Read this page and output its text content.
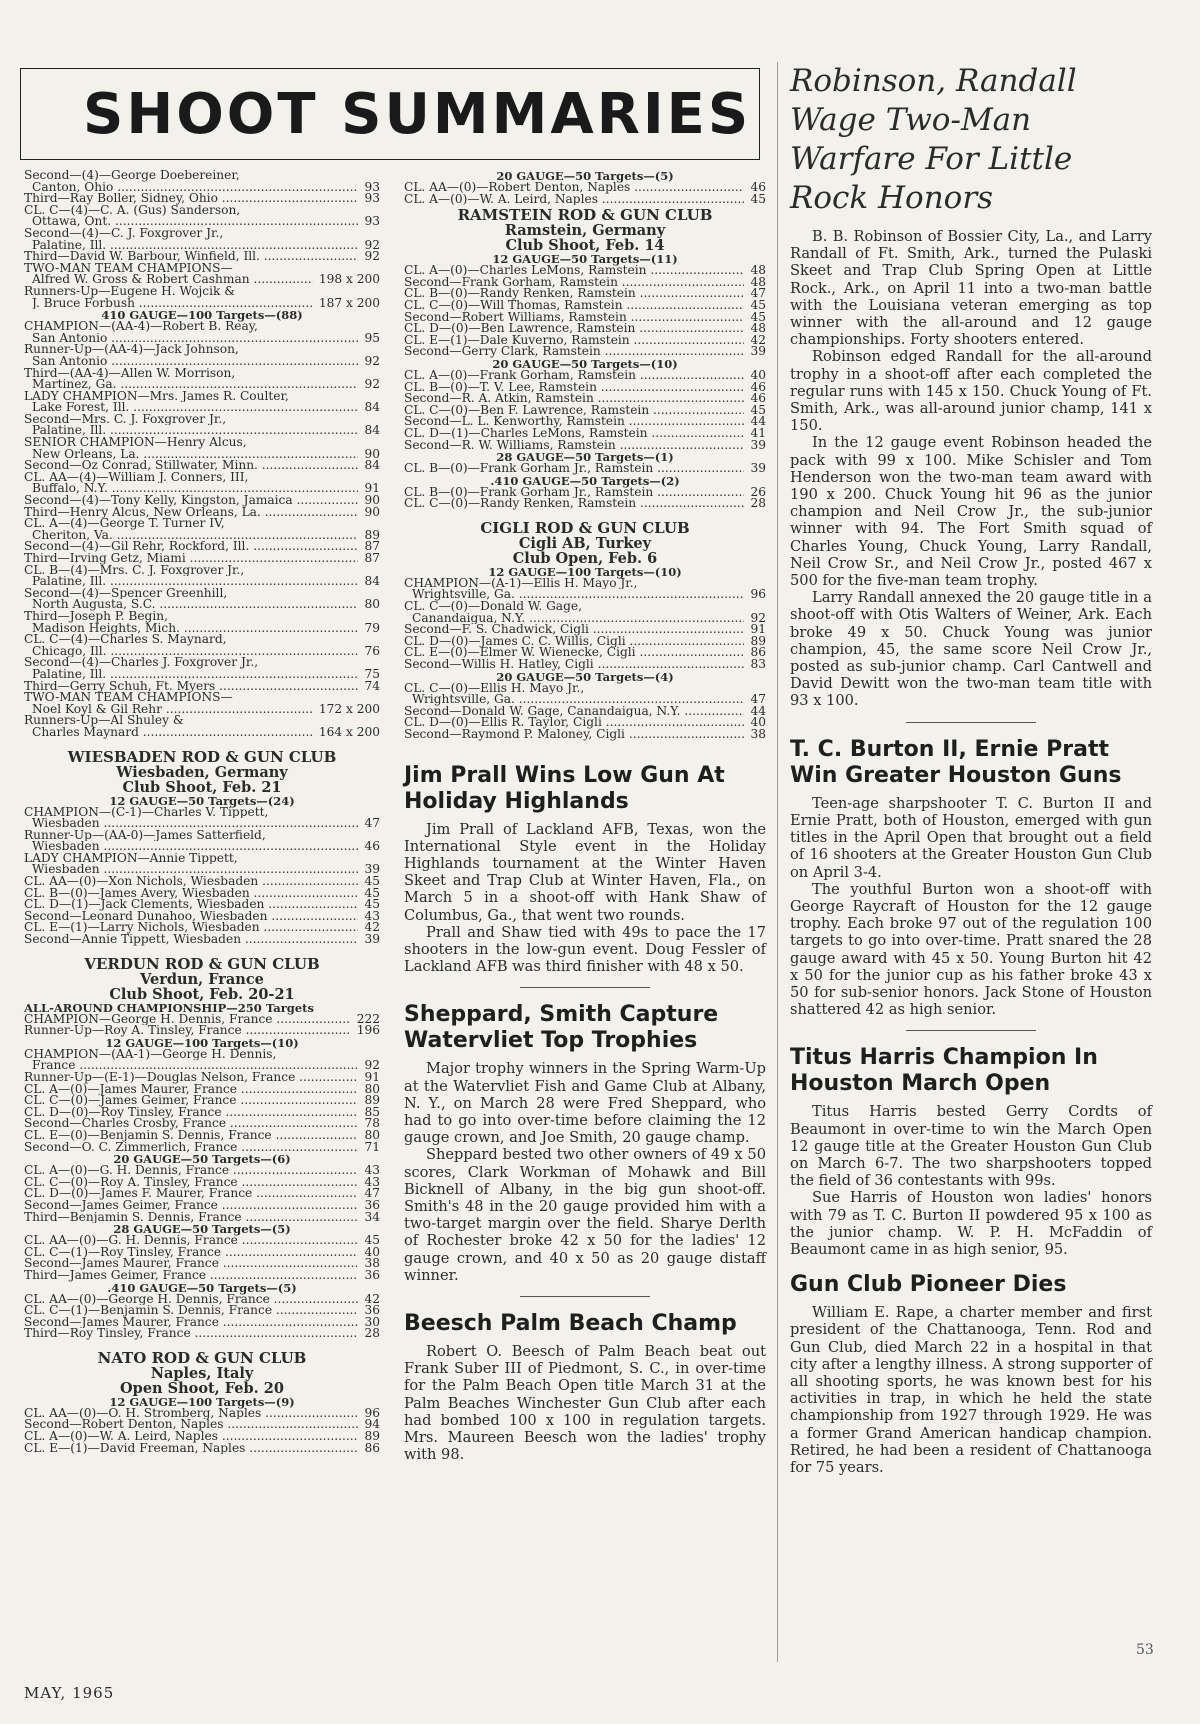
SHOOT SUMMARIES
Second—(4)—George Doebereiner,
Canton, Ohio .....	93
Third—Ray Boller, Sidney, Ohio .....	93
CL. C—(4)—C. A. (Gus) Sanderson,
Ottawa, Ont. .....	93
Second—(4)—C. J. Foxgrover Jr.,
Palatine, Ill. .....	92
Third—David W. Barbour, Winfield, Ill. .....	92
TWO-MAN TEAM CHAMPIONS—
Alfred W. Gross & Robert Cashman .....	198 x 200
Runners-Up—Eugene H. Wojcik &
J. Bruce Forbush .....	187 x 200
410 GAUGE—100 Targets—(88)
CHAMPION—(AA-4)—Robert B. Reay,
San Antonio .....	95
Runner-Up—(AA-4)—Jack Johnson,
San Antonio .....	92
Third—(AA-4)—Allen W. Morrison,
Martinez, Ga. .....	92
LADY CHAMPION—Mrs. James R. Coulter,
Lake Forest, Ill. .....	84
Second—Mrs. C. J. Foxgrover Jr.,
Palatine, Ill. .....	84
SENIOR CHAMPION—Henry Alcus,
New Orleans, La. .....	90
Second—Oz Conrad, Stillwater, Minn. .....	84
CL. AA—(4)—William J. Conners, III,
Buffalo, N.Y. .....	91
Second—(4)—Tony Kelly, Kingston, Jamaica .....	90
Third—Henry Alcus, New Orleans, La. .....	90
CL. A—(4)—George T. Turner IV,
Cheriton, Va. .....	89
Second—(4)—Gil Rehr, Rockford, Ill. .....	87
Third—Irving Getz, Miami .....	87
CL. B—(4)—Mrs. C. J. Foxgrover Jr.,
Palatine, Ill. .....	84
Second—(4)—Spencer Greenhill,
North Augusta, S.C. .....	80
Third—Joseph P. Begin,
Madison Heights, Mich. .....	79
CL. C—(4)—Charles S. Maynard,
Chicago, Ill. .....	76
Second—(4)—Charles J. Foxgrover Jr.,
Palatine, Ill. .....	75
Third—Gerry Schuh, Ft. Myers .....	74
TWO-MAN TEAM CHAMPIONS—
Noel Koyl & Gil Rehr .....	172 x 200
Runners-Up—Al Shuley &
Charles Maynard .....	164 x 200
WIESBADEN ROD & GUN CLUB
Wiesbaden, Germany
Club Shoot, Feb. 21
12 GAUGE—50 Targets—(24)
CHAMPION—(C-1)—Charles V. Tippett,
Wiesbaden .....	47
Runner-Up—(AA-0)—James Satterfield,
Wiesbaden .....	46
LADY CHAMPION—Annie Tippett,
Wiesbaden .....	39
CL. AA—(0)—Xon Nichols, Wiesbaden .....	45
CL. B—(0)—James Avery, Wiesbaden .....	45
CL. D—(1)—Jack Clements, Wiesbaden .....	45
Second—Leonard Dunahoo, Wiesbaden .....	43
CL. E—(1)—Larry Nichols, Wiesbaden .....	42
Second—Annie Tippett, Wiesbaden .....	39
VERDUN ROD & GUN CLUB
Verdun, France
Club Shoot, Feb. 20-21
ALL-AROUND CHAMPIONSHIP—250 Targets
CHAMPION—George H. Dennis, France .....	222
Runner-Up—Roy A. Tinsley, France .....	196
12 GAUGE—100 Targets—(10)
CHAMPION—(AA-1)—George H. Dennis,
France .....	92
Runner-Up—(E-1)—Douglas Nelson, France .....	91
CL. A—(0)—James Maurer, France .....	80
CL. C—(0)—James Geimer, France .....	89
CL. D—(0)—Roy Tinsley, France .....	85
Second—Charles Crosby, France .....	78
CL. E—(0)—Benjamin S. Dennis, France .....	80
Second—O. C. Zimmerlich, France .....	71
20 GAUGE—50 Targets—(6)
CL. A—(0)—G. H. Dennis, France .....	43
CL. C—(0)—Roy A. Tinsley, France .....	43
CL. D—(0)—James F. Maurer, France .....	47
Second—James Geimer, France .....	36
Third—Benjamin S. Dennis, France .....	34
28 GAUGE—50 Targets—(5)
CL. AA—(0)—G. H. Dennis, France .....	45
CL. C—(1)—Roy Tinsley, France .....	40
Second—James Maurer, France .....	38
Third—James Geimer, France .....	36
.410 GAUGE—50 Targets—(5)
CL. AA—(0)—George H. Dennis, France .....	42
CL. C—(1)—Benjamin S. Dennis, France .....	36
Second—James Maurer, France .....	30
Third—Roy Tinsley, France .....	28
NATO ROD & GUN CLUB
Naples, Italy
Open Shoot, Feb. 20
12 GAUGE—100 Targets—(9)
CL. AA—(0)—O. H. Stromberg, Naples .....	96
Second—Robert Denton, Naples .....	94
CL. A—(0)—W. A. Leird, Naples .....	89
CL. E—(1)—David Freeman, Naples .....	86
20 GAUGE—50 Targets—(5)
CL. AA—(0)—Robert Denton, Naples .....	46
CL. A—(0)—W. A. Leird, Naples .....	45
RAMSTEIN ROD & GUN CLUB
Ramstein, Germany
Club Shoot, Feb. 14
12 GAUGE—50 Targets—(11)
CL. A—(0)—Charles LeMons, Ramstein .....	48
Second—Frank Gorham, Ramstein .....	48
CL. B—(0)—Randy Renken, Ramstein .....	47
CL. C—(0)—Will Thomas, Ramstein .....	45
Second—Robert Williams, Ramstein .....	45
CL. D—(0)—Ben Lawrence, Ramstein .....	48
CL. E—(1)—Dale Kuverno, Ramstein .....	42
Second—Gerry Clark, Ramstein .....	39
20 GAUGE—50 Targets—(10)
CL. A—(0)—Frank Gorham, Ramstein .....	40
CL. B—(0)—T. V. Lee, Ramstein .....	46
Second—R. A. Atkin, Ramstein .....	46
CL. C—(0)—Ben F. Lawrence, Ramstein .....	45
Second—L. L. Kenworthy, Ramstein .....	44
CL. D—(1)—Charles LeMons, Ramstein .....	41
Second—R. W. Williams, Ramstein .....	39
28 GAUGE—50 Targets—(1)
CL. B—(0)—Frank Gorham Jr., Ramstein .....	39
.410 GAUGE—50 Targets—(2)
CL. B—(0)—Frank Gorham Jr., Ramstein .....	26
CL. C—(0)—Randy Renken, Ramstein .....	28
CIGLI ROD & GUN CLUB
Cigli AB, Turkey
Club Open, Feb. 6
12 GAUGE—100 Targets—(10)
CHAMPION—(A-1)—Ellis H. Mayo Jr.,
Wrightsville, Ga. .....	96
CL. C—(0)—Donald W. Gage,
Canandaigua, N.Y. .....	92
Second—F. S. Chadwick, Cigli .....	91
CL. D—(0)—James C. C. Willis, Cigli .....	89
CL. E—(0)—Elmer W. Wienecke, Cigli .....	86
Second—Willis H. Hatley, Cigli .....	83
20 GAUGE—50 Targets—(4)
CL. C—(0)—Ellis H. Mayo Jr.,
Wrightsville, Ga. .....	47
Second—Donald W. Gage, Canandaigua, N.Y. .....	44
CL. D—(0)—Ellis R. Taylor, Cigli .....	40
Second—Raymond P. Maloney, Cigli .....	38
Jim Prall Wins Low Gun At Holiday Highlands

Jim Prall of Lackland AFB, Texas, won the International Style event in the Holiday Highlands tournament at the Winter Haven Skeet and Trap Club at Winter Haven, Fla., on March 5 in a shoot-off with Hank Shaw of Columbus, Ga., that went two rounds.

Prall and Shaw tied with 49s to pace the 17 shooters in the low-gun event. Doug Fessler of Lackland AFB was third finisher with 48 x 50.

Sheppard, Smith Capture Watervliet Top Trophies

Major trophy winners in the Spring Warm-Up at the Watervliet Fish and Game Club at Albany, N. Y., on March 28 were Fred Sheppard, who had to go into over-time before claiming the 12 gauge crown, and Joe Smith, 20 gauge champ.

Sheppard bested two other owners of 49 x 50 scores, Clark Workman of Mohawk and Bill Bicknell of Albany, in the big gun shoot-off. Smith's 48 in the 20 gauge provided him with a two-target margin over the field. Sharye Derlth of Rochester broke 42 x 50 for the ladies' 12 gauge crown, and 40 x 50 as 20 gauge distaff winner.

Beesch Palm Beach Champ

Robert O. Beesch of Palm Beach beat out Frank Suber III of Piedmont, S. C., in over-time for the Palm Beach Open title March 31 at the Palm Beaches Winchester Gun Club after each had bombed 100 x 100 in regulation targets. Mrs. Maureen Beesch won the ladies' trophy with 98.

Robinson, Randall Wage Two-Man Warfare For Little Rock Honors

B. B. Robinson of Bossier City, La., and Larry Randall of Ft. Smith, Ark., turned the Pulaski Skeet and Trap Club Spring Open at Little Rock., Ark., on April 11 into a two-man battle with the Louisiana veteran emerging as top winner with the all-around and 12 gauge championships. Forty shooters entered.

Robinson edged Randall for the all-around trophy in a shoot-off after each completed the regular runs with 145 x 150. Chuck Young of Ft. Smith, Ark., was all-around junior champ, 141 x 150.

In the 12 gauge event Robinson headed the pack with 99 x 100. Mike Schisler and Tom Henderson won the two-man team award with 190 x 200. Chuck Young hit 96 as the junior champion and Neil Crow Jr., the sub-junior winner with 94. The Fort Smith squad of Charles Young, Chuck Young, Larry Randall, Neil Crow Sr., and Neil Crow Jr., posted 467 x 500 for the five-man team trophy.

Larry Randall annexed the 20 gauge title in a shoot-off with Otis Walters of Weiner, Ark. Each broke 49 x 50. Chuck Young was junior champion, 45, the same score Neil Crow Jr., posted as sub-junior champ. Carl Cantwell and David Dewitt won the two-man team title with 93 x 100.

T. C. Burton II, Ernie Pratt Win Greater Houston Guns

Teen-age sharpshooter T. C. Burton II and Ernie Pratt, both of Houston, emerged with gun titles in the April Open that brought out a field of 16 shooters at the Greater Houston Gun Club on April 3-4.

The youthful Burton won a shoot-off with George Raycraft of Houston for the 12 gauge trophy. Each broke 97 out of the regulation 100 targets to go into over-time. Pratt snared the 28 gauge award with 45 x 50. Young Burton hit 42 x 50 for the junior cup as his father broke 43 x 50 for sub-senior honors. Jack Stone of Houston shattered 42 as high senior.

Titus Harris Champion In Houston March Open

Titus Harris bested Gerry Cordts of Beaumont in over-time to win the March Open 12 gauge title at the Greater Houston Gun Club on March 6-7. The two sharpshooters topped the field of 36 contestants with 99s.

Sue Harris of Houston won ladies' honors with 79 as T. C. Burton II powdered 95 x 100 as the junior champ. W. P. H. McFaddin of Beaumont came in as high senior, 95.

Gun Club Pioneer Dies

William E. Rape, a charter member and first president of the Chattanooga, Tenn. Rod and Gun Club, died March 22 in a hospital in that city after a lengthy illness. A strong supporter of all shooting sports, he was known best for his activities in trap, in which he held the state championship from 1927 through 1929. He was a former Grand American handicap champion. Retired, he had been a resident of Chattanooga for 75 years.

MAY, 1965
53
